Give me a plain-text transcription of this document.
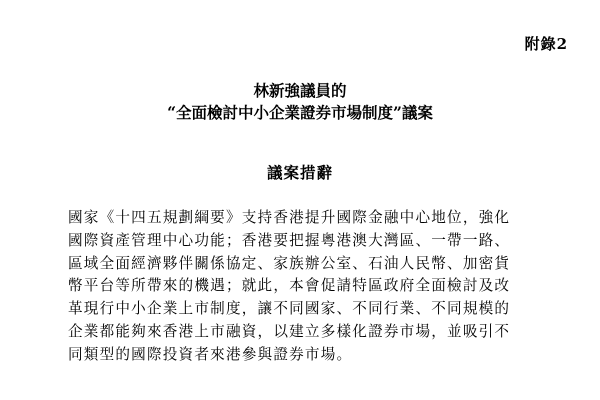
附錄2
林新強議員的
“全面檢討中小企業證券市場制度”議案
議案措辭
國家《十四五規劃綱要》支持香港提升國際金融中心地位，強化
國際資產管理中心功能；香港要把握粵港澳大灣區、一帶一路、
區域全面經濟夥伴關係協定、家族辦公室、石油人民幣、加密貨
幣平台等所帶來的機遇；就此，本會促請特區政府全面檢討及改
革現行中小企業上市制度，讓不同國家、不同行業、不同規模的
企業都能夠來香港上市融資，以建立多樣化證券市場，並吸引不
同類型的國際投資者來港參與證券市場。
